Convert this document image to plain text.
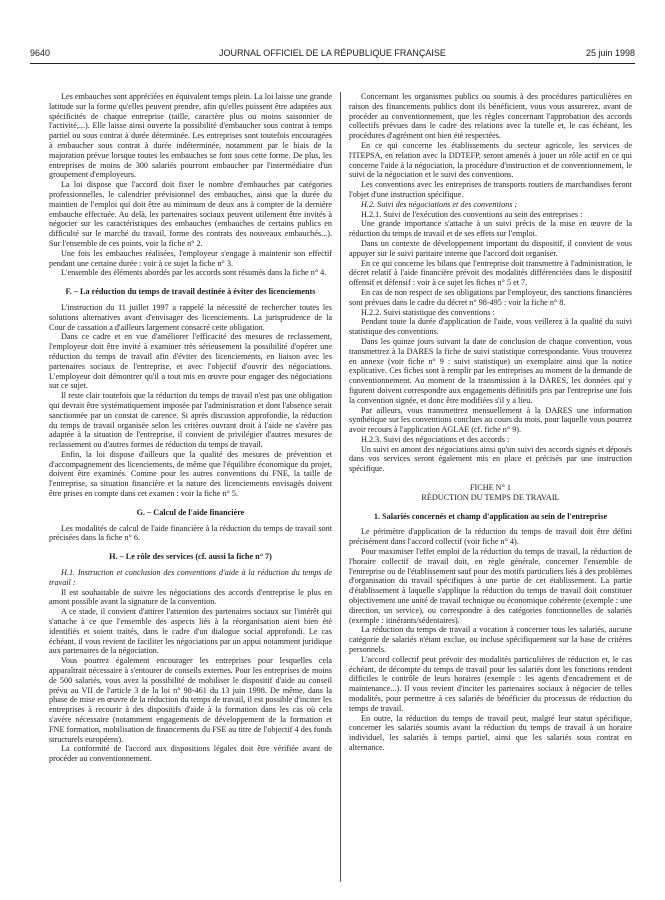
9640	JOURNAL OFFICIEL DE LA RÉPUBLIQUE FRANÇAISE	25 juin 1998

Les embauches sont appréciées en équivalent temps plein. La loi laisse une grande latitude sur la forme qu'elles peuvent prendre, afin qu'elles puissent être adaptées aux spécificités de chaque entreprise (taille, caractère plus ou moins saisonnier de l'activité,...). Elle laisse ainsi ouverte la possibilité d'embaucher sous contrat à temps partiel ou sous contrat à durée déterminée. Les entreprises sont toutefois encouragées à embaucher sous contrat à durée indéterminée, notamment par le biais de la majoration prévue lorsque toutes les embauches se font sous cette forme. De plus, les entreprises de moins de 300 salariés pourront embaucher par l'intermédiaire d'un groupement d'employeurs.

La loi dispose que l'accord doit fixer le nombre d'embauches par catégories professionnelles, le calendrier prévisionnel des embauches, ainsi que la durée du maintien de l'emploi qui doit être au minimum de deux ans à compter de la dernière embauche effectuée. Au delà, les partenaires sociaux peuvent utilement être invités à négocier sur les caractéristiques des embauches (embauches de certains publics en difficulté sur le marché du travail, forme des contrats des nouveaux embauchés...). Sur l'ensemble de ces points, voir la fiche n° 2.

Une fois les embauches réalisées, l'employeur s'engage à maintenir son effectif pendant une certaine durée : voir à ce sujet la fiche n° 3.

L'ensemble des éléments abordés par les accords sont résumés dans la fiche n° 4.

F. – La réduction du temps de travail destinée à éviter des licenciements

L'instruction du 11 juillet 1997 a rappelé la nécessité de rechercher toutes les solutions alternatives avant d'envisager des licenciements. La jurisprudence de la Cour de cassation a d'ailleurs largement consacré cette obligation.

Dans ce cadre et en vue d'améliorer l'efficacité des mesures de reclassement, l'employeur doit être invité à examiner très sérieusement la possibilité d'opérer une réduction du temps de travail afin d'éviter des licenciements, en liaison avec les partenaires sociaux de l'entreprise, et avec l'objectif d'ouvrir des négociations. L'employeur doit démontrer qu'il a tout mis en œuvre pour engager des négociations sur ce sujet.

Il reste clair toutefois que la réduction du temps de travail n'est pas une obligation qui devrait être systématiquement imposée par l'administration et dont l'absence serait sanctionnée par un constat de carence. Si après discussion approfondie, la réduction du temps de travail organisée selon les critères ouvrant droit à l'aide ne s'avère pas adaptée à la situation de l'entreprise, il convient de privilégier d'autres mesures de reclassement ou d'autres formes de réduction du temps de travail.

Enfin, la loi dispose d'ailleurs que la qualité des mesures de prévention et d'accompagnement des licenciements, de même que l'équilibre économique du projet, doivent être examinés. Comme pour les autres conventions du FNE, la taille de l'entreprise, sa situation financière et la nature des licenciements envisagés doivent être prises en compte dans cet examen : voir la fiche n° 5.

G. – Calcul de l'aide financière

Les modalités de calcul de l'aide financière à la réduction du temps de travail sont précisées dans la fiche n° 6.

H. – Le rôle des services (cf. aussi la fiche n° 7)

H.1. Instruction et conclusion des conventions d'aide à la réduction du temps de travail :

Il est souhaitable de suivre les négociations des accords d'entreprise le plus en amont possible avant la signature de la convention.

A ce stade, il convient d'attirer l'attention des partenaires sociaux sur l'intérêt qui s'attache à ce que l'ensemble des aspects liés à la réorganisation aient bien été identifiés et soient traités, dans le cadre d'un dialogue social approfondi. Le cas échéant, il vous revient de faciliter les négociations par un appui notamment juridique aux partenaires de la négociation.

Vous pourrez également encourager les entreprises pour lesquelles cela apparaîtrait nécessaire à s'entourer de conseils externes. Pour les entreprises de moins de 500 salariés, vous avez la possibilité de mobiliser le dispositif d'aide au conseil prévu au VII de l'article 3 de la loi n° 98-461 du 13 juin 1998. De même, dans la phase de mise en œuvre de la réduction du temps de travail, il est possible d'inciter les entreprises à recourir à des dispositifs d'aide à la formation dans les cas où cela s'avère nécessaire (notamment engagements de développement de la formation et FNE formation, mobilisation de financements du FSE au titre de l'objectif 4 des fonds structurels européens).

La conformité de l'accord aux dispositions légales doit être vérifiée avant de procéder au conventionnement.

Concernant les organismes publics ou soumis à des procédures particulières en raison des financements publics dont ils bénéficient, vous vous assurerez, avant de procéder au conventionnement, que les règles concernant l'approbation des accords collectifs prévues dans le cadre des relations avec la tutelle et, le cas échéant, les procédures d'agrément ont bien été respectées.

En ce qui concerne les établissements du secteur agricole, les services de l'ITEPSA, en relation avec la DDTEFP, seront amenés à jouer un rôle actif en ce qui concerne l'aide à la négociation, la procédure d'instruction et de conventionnement, le suivi de la négociation et le suivi des conventions.

Les conventions avec les entreprises de transports routiers de marchandises feront l'objet d'une instruction spécifique.

H.2. Suivi des négociations et des conventions :

H.2.1. Suivi de l'exécution des conventions au sein des entreprises :

Une grande importance s'attache à un suivi précis de la mise en œuvre de la réduction du temps de travail et de ses effets sur l'emploi.

Dans un contexte de développement important du dispositif, il convient de vous appuyer sur le suivi paritaire interne que l'accord doit organiser.

En ce qui concerne les bilans que l'entreprise doit transmettre à l'administration, le décret relatif à l'aide financière prévoit des modalités différenciées dans le dispositif offensif et défensif : voir à ce sujet les fiches n° 5 et 7.

En cas de non respect de ses obligations par l'employeur, des sanctions financières sont prévues dans le cadre du décret n° 98-495 : voir la fiche n° 8.

H.2.2. Suivi statistique des conventions :

Pendant toute la durée d'application de l'aide, vous veillerez à la qualité du suivi statistique des conventions.

Dans les quinze jours suivant la date de conclusion de chaque convention, vous transmettrez à la DARES la fiche de suivi statistique correspondante. Vous trouverez en annexe (voir fiche n° 9 : suivi statistique) un exemplaire ainsi que la notice explicative. Ces fiches sont à remplir par les entreprises au moment de la demande de conventionnement. Au moment de la transmission à la DARES, les données qui y figurent doivent correspondre aux engagements définitifs pris par l'entreprise une fois la convention signée, et donc être modifiées s'il y a lieu.

Par ailleurs, vous transmettrez mensuellement à la DARES une information synthétique sur les conventions conclues au cours du mois, pour laquelle vous pourrez avoir recours à l'application AGLAE (cf. fiche n° 9).

H.2.3. Suivi des négociations et des accords :

Un suivi en amont des négociations ainsi qu'un suivi des accords signés et déposés dans vos services seront également mis en place et précisés par une instruction spécifique.

FICHE N° 1

RÉDUCTION DU TEMPS DE TRAVAIL

1. Salariés concernés et champ d'application au sein de l'entreprise

Le périmètre d'application de la réduction du temps de travail doit être défini précisément dans l'accord collectif (voir fiche n° 4).

Pour maximiser l'effet emploi de la réduction du temps de travail, la réduction de l'horaire collectif de travail doit, en règle générale, concerner l'ensemble de l'entreprise ou de l'établissement sauf pour des motifs particuliers liés à des problèmes d'organisation du travail spécifiques à une partie de cet établissement. La partie d'établissement à laquelle s'applique la réduction du temps de travail doit constituer objectivement une unité de travail technique ou économique cohérente (exemple : une direction, un service), ou correspondre à des catégories fonctionnelles de salariés (exemple : itinérants/sédentaires).

La réduction du temps de travail a vocation à concerner tous les salariés, aucune catégorie de salariés n'étant exclue, ou incluse spécifiquement sur la base de critères personnels.

L'accord collectif peut prévoir des modalités particulières de réduction et, le cas échéant, de décompte du temps de travail pour les salariés dont les fonctions rendent difficiles le contrôle de leurs horaires (exemple : les agents d'encadrement et de maintenance...). Il vous revient d'inciter les partenaires sociaux à négocier de telles modalités, pour permettre à ces salariés de bénéficier du processus de réduction du temps de travail.

En outre, la réduction du temps de travail peut, malgré leur statut spécifique, concerner les salariés soumis avant la réduction du temps de travail à un horaire individuel, les salariés à temps partiel, ainsi que les salariés sous contrat en alternance.
